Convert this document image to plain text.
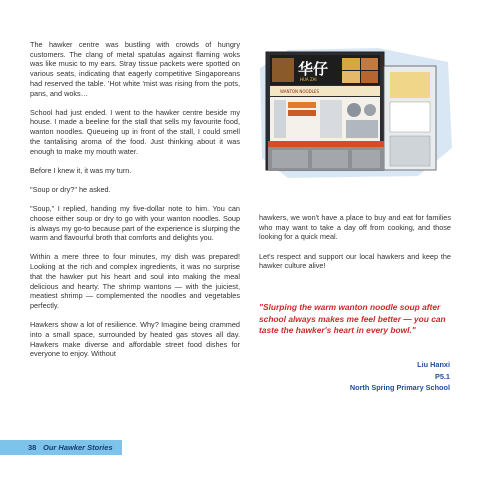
The hawker centre was bustling with crowds of hungry customers. The clang of metal spatulas against flaming woks was like music to my ears. Stray tissue packets were spotted on various seats, indicating that eagerly competitive Singaporeans had reserved the table. 'Hot white 'mist was rising from the pots, pans, and woks…

School had just ended. I went to the hawker centre beside my house. I made a beeline for the stall that sells my favourite food, wanton noodles. Queueing up in front of the stall, I could smell the tantalising aroma of the food. Just thinking about it was enough to make my mouth water.

Before I knew it, it was my turn.

"Soup or dry?" he asked.

"Soup," I replied, handing my five-dollar note to him. You can choose either soup or dry to go with your wanton noodles. Soup is always my go-to because part of the experience is slurping the warm and flavourful broth that comforts and delights you.

Within a mere three to four minutes, my dish was prepared! Looking at the rich and complex ingredients, it was no surprise that the hawker put his heart and soul into making the meal delicious and hearty. The shrimp wantons — with the juiciest, meatiest shrimp — complemented the noodles and vegetables perfectly.

Hawkers show a lot of resilience. Why? Imagine being crammed into a small space, surrounded by heated gas stoves all day. Hawkers make diverse and affordable street food dishes for everyone to enjoy. Without

华仔
HUA ZAI
WANTON NOODLES

hawkers, we won't have a place to buy and eat for families who may want to take a day off from cooking, and those looking for a quick meal.

Let's respect and support our local hawkers and keep the hawker culture alive!

"Slurping the warm wanton noodle soup after school always makes me feel better — you can taste the hawker's heart in every bowl."

Liu Hanxi
P5.1
North Spring Primary School
38 Our Hawker Stories
